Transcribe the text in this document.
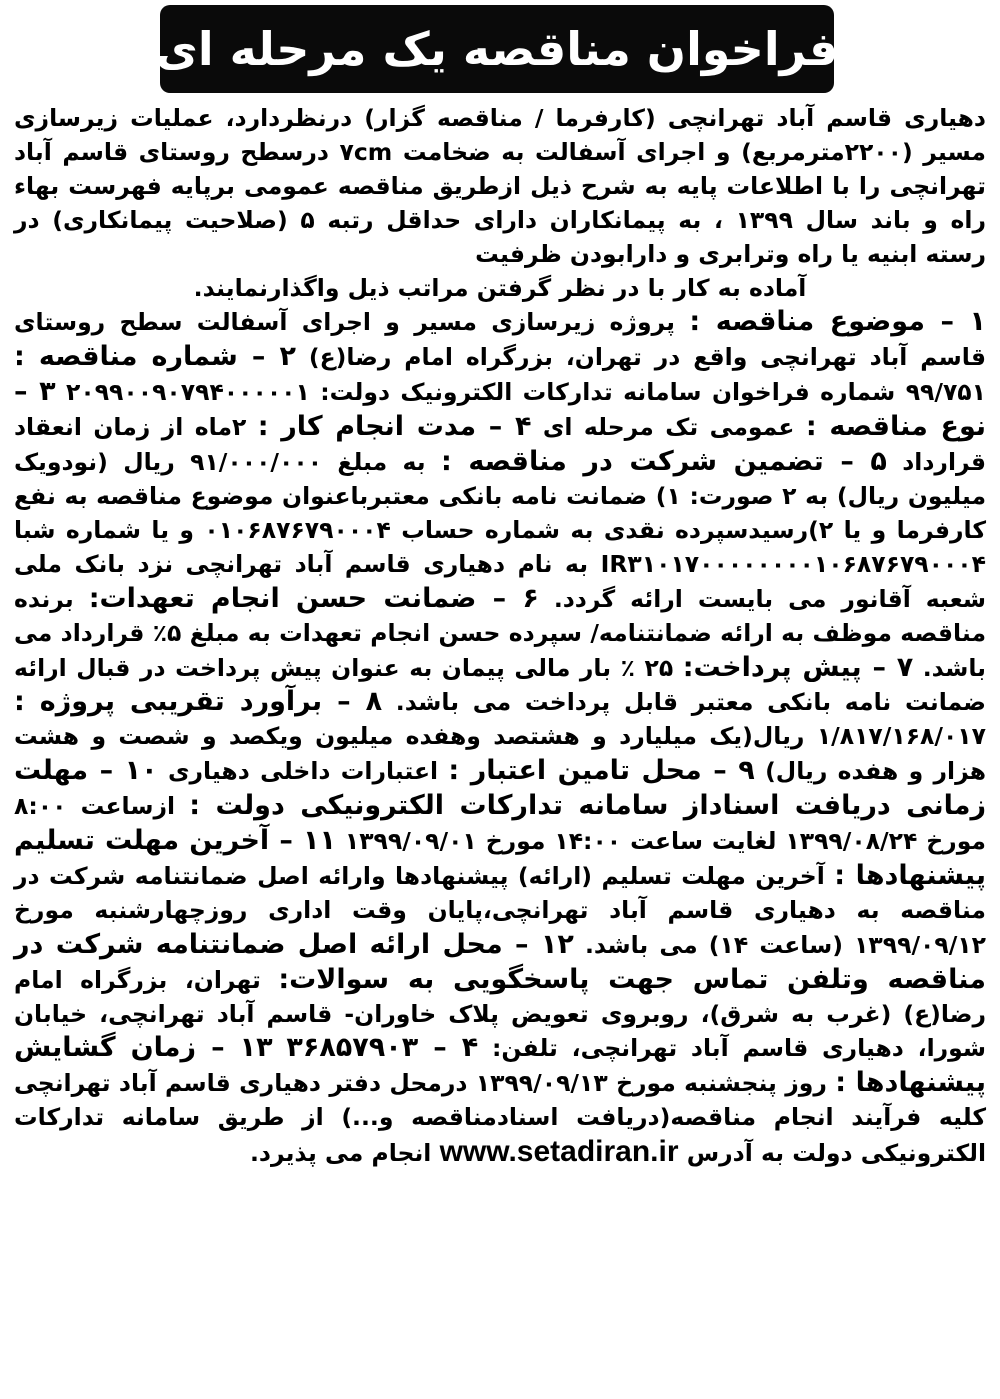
فراخوان مناقصه یک مرحله ای

دهیاری قاسم آباد تهرانچی (کارفرما / مناقصه گزار) درنظردارد، عملیات زیرسازی مسیر (۲۲۰۰مترمربع) و اجرای آسفالت به ضخامت ۷cm درسطح روستای قاسم آباد تهرانچی را با اطلاعات پایه به شرح ذیل ازطریق مناقصه عمومی برپایه فهرست بهاء راه و باند سال ۱۳۹۹ ، به پیمانکاران دارای حداقل رتبه ۵ (صلاحیت پیمانکاری) در رسته ابنیه یا راه وترابری و دارابودن ظرفیت

آماده به کار با در نظر گرفتن مراتب ذیل واگذارنمایند.

۱ – موضوع مناقصه : پروژه زیرسازی مسیر و اجرای آسفالت سطح روستای قاسم آباد تهرانچی واقع در تهران، بزرگراه امام رضا(ع) ۲ – شماره مناقصه : ۹۹/۷۵۱ شماره فراخوان سامانه تدارکات الکترونیک دولت: ۲۰۹۹۰۰۹۰۷۹۴۰۰۰۰۰۱ ۳ – نوع مناقصه : عمومی تک مرحله ای ۴ – مدت انجام کار : ۲ماه از زمان انعقاد قرارداد ۵ – تضمین شرکت در مناقصه : به مبلغ ۹۱/۰۰۰/۰۰۰ ریال (نودویک میلیون ریال) به ۲ صورت: ۱) ضمانت نامه بانکی معتبرباعنوان موضوع مناقصه به نفع کارفرما و یا ۲)رسیدسپرده نقدی به شماره حساب ۰۱۰۶۸۷۶۷۹۰۰۰۴ و یا شماره شبا IR۳۱۰۱۷۰۰۰۰۰۰۰۰۱۰۶۸۷۶۷۹۰۰۰۴ به نام دهیاری قاسم آباد تهرانچی نزد بانک ملی شعبه آقانور می بایست ارائه گردد. ۶ – ضمانت حسن انجام تعهدات: برنده مناقصه موظف به ارائه ضمانتنامه/ سپرده حسن انجام تعهدات به مبلغ ۵٪ قرارداد می باشد. ۷ – پیش پرداخت: ۲۵ ٪ بار مالی پیمان به عنوان پیش پرداخت در قبال ارائه ضمانت نامه بانکی معتبر قابل پرداخت می باشد. ۸ – برآورد تقریبی پروژه : ۱/۸۱۷/۱۶۸/۰۱۷ ریال(یک میلیارد و هشتصد وهفده میلیون ویکصد و شصت و هشت هزار و هفده ریال) ۹ – محل تامین اعتبار : اعتبارات داخلی دهیاری ۱۰ – مهلت زمانی دریافت اسناداز سامانه تدارکات الکترونیکی دولت : ازساعت ۸:۰۰ مورخ ۱۳۹۹/۰۸/۲۴ لغایت ساعت ۱۴:۰۰ مورخ ۱۳۹۹/۰۹/۰۱ ۱۱ – آخرین مهلت تسلیم پیشنهادها : آخرین مهلت تسلیم (ارائه) پیشنهادها وارائه اصل ضمانتنامه شرکت در مناقصه به دهیاری قاسم آباد تهرانچی،پایان وقت اداری روزچهارشنبه مورخ ۱۳۹۹/۰۹/۱۲ (ساعت ۱۴) می باشد. ۱۲ – محل ارائه اصل ضمانتنامه شرکت در مناقصه وتلفن تماس جهت پاسخگویی به سوالات: تهران، بزرگراه امام رضا(ع) (غرب به شرق)، روبروی تعویض پلاک خاوران- قاسم آباد تهرانچی، خیابان شورا، دهیاری قاسم آباد تهرانچی، تلفن: ۴ – ۳۶۸۵۷۹۰۳ ۱۳ – زمان گشایش پیشنهادها : روز پنجشنبه مورخ ۱۳۹۹/۰۹/۱۳ درمحل دفتر دهیاری قاسم آباد تهرانچی کلیه فرآیند انجام مناقصه(دریافت اسنادمناقصه و...) از طریق سامانه تدارکات الکترونیکی دولت به آدرس www.setadiran.ir انجام می پذیرد.
